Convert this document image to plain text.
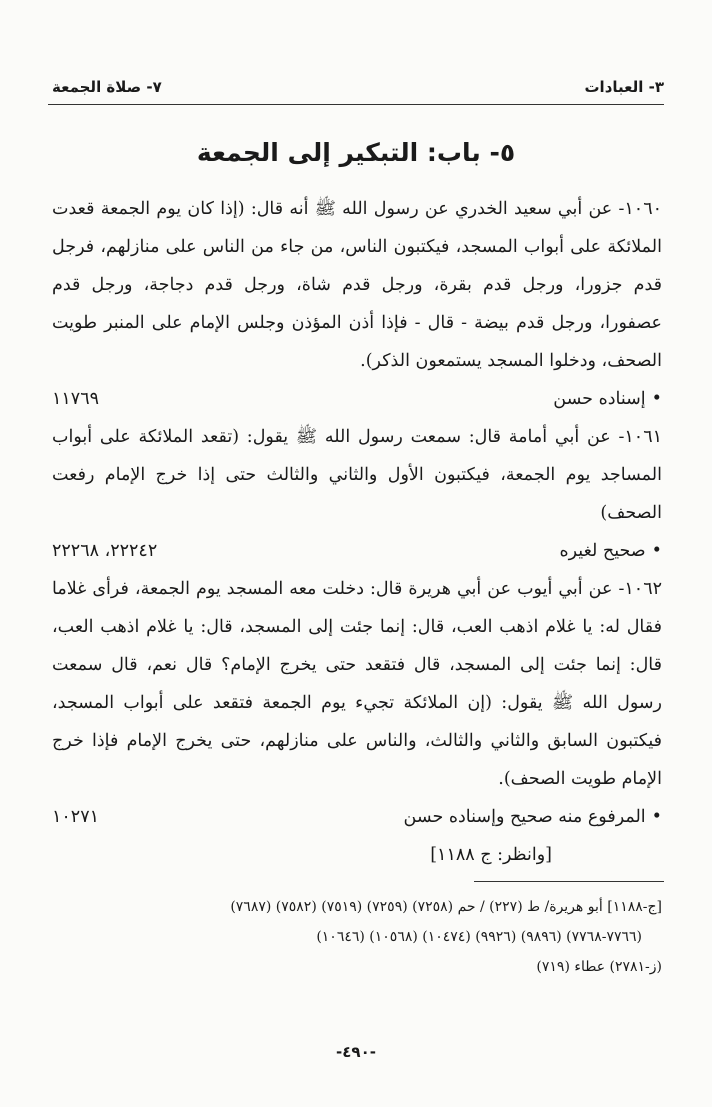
٣- العبادات
٧- صلاة الجمعة
٥- باب: التبكير إلى الجمعة

١٠٦٠- عن أبي سعيد الخدري عن رسول الله ﷺ أنه قال: (إذا كان يوم الجمعة قعدت الملائكة على أبواب المسجد، فيكتبون الناس، من جاء من الناس على منازلهم، فرجل قدم جزورا، ورجل قدم بقرة، ورجل قدم شاة، ورجل قدم دجاجة، ورجل قدم عصفورا، ورجل قدم بيضة - قال - فإذا أذن المؤذن وجلس الإمام على المنبر طويت الصحف، ودخلوا المسجد يستمعون الذكر).

•إسناده حسن
١١٧٦٩

١٠٦١- عن أبي أمامة قال: سمعت رسول الله ﷺ يقول: (تقعد الملائكة على أبواب المساجد يوم الجمعة، فيكتبون الأول والثاني والثالث حتى إذا خرج الإمام رفعت الصحف)

•صحيح لغيره
٢٢٢٤٢، ٢٢٢٦٨

١٠٦٢- عن أبي أيوب عن أبي هريرة قال: دخلت معه المسجد يوم الجمعة، فرأى غلاما فقال له: يا غلام اذهب العب، قال: إنما جئت إلى المسجد، قال: يا غلام اذهب العب، قال: إنما جئت إلى المسجد، قال فتقعد حتى يخرج الإمام؟ قال نعم، قال سمعت رسول الله ﷺ يقول: (إن الملائكة تجيء يوم الجمعة فتقعد على أبواب المسجد، فيكتبون السابق والثاني والثالث، والناس على منازلهم، حتى يخرج الإمام فإذا خرج الإمام طويت الصحف).

•المرفوع منه صحيح وإسناده حسن
١٠٢٧١

[وانظر: ج ١١٨٨]

[ج-١١٨٨] أبو هريرة/ ط (٢٢٧) / حم (٧٢٥٨) (٧٢٥٩) (٧٥١٩) (٧٥٨٢) (٧٦٨٧)
(٧٧٦٦-٧٧٦٨) (٩٨٩٦) (٩٩٢٦) (١٠٤٧٤) (١٠٥٦٨) (١٠٦٤٦)
(ز-٢٧٨١) عطاء (٧١٩)
-٤٩٠-
